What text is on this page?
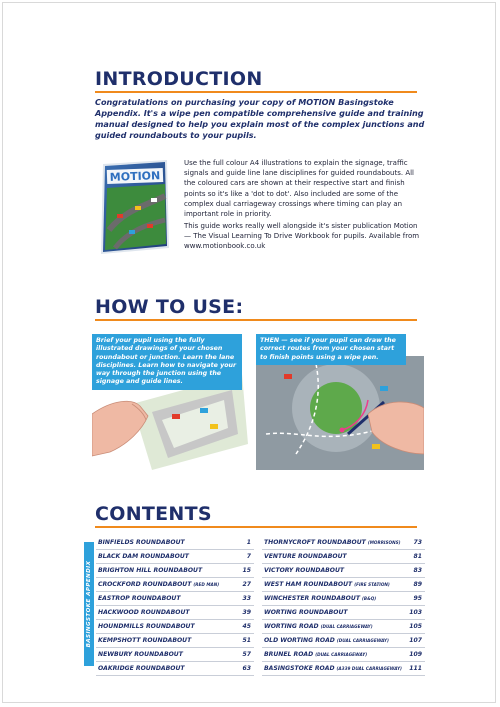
INTRODUCTION
Congratulations on purchasing your copy of MOTION Basingstoke Appendix. It's a wipe pen compatible comprehensive guide and training manual designed to help you explain most of the complex junctions and guided roundabouts to your pupils.
MOTION
Use the full colour A4 illustrations to explain the signage, traffic signals and guide line lane disciplines for guided roundabouts. All the coloured cars are shown at their respective start and finish points so it's like a 'dot to dot'. Also included are some of the complex dual carriageway crossings where timing can play an important role in priority.
This guide works really well alongside it's sister publication Motion — The Visual Learning To Drive Workbook for pupils. Available from www.motionbook.co.uk
HOW TO USE:
Brief your pupil using the fully illustrated drawings of your chosen roundabout or junction. Learn the lane disciplines. Learn how to navigate your way through the junction using the signage and guide lines.
THEN — see if your pupil can draw the correct routes from your chosen start to finish points using a wipe pen.
CONTENTS
BASINGSTOKE APPENDIX
BINFIELDS ROUNDABOUT	1
BLACK DAM ROUNDABOUT	7
BRIGHTON HILL ROUNDABOUT	15
CROCKFORD ROUNDABOUT (RED MAN)	27
EASTROP ROUNDABOUT	33
HACKWOOD ROUNDABOUT	39
HOUNDMILLS ROUNDABOUT	45
KEMPSHOTT ROUNDABOUT	51
NEWBURY ROUNDABOUT	57
OAKRIDGE ROUNDABOUT	63
THORNYCROFT ROUNDABOUT (MORRISONS) 73
VENTURE ROUNDABOUT	81
VICTORY ROUNDABOUT	83
WEST HAM ROUNDABOUT (FIRE STATION)	89
WINCHESTER ROUNDABOUT (B&Q)	95
WORTING ROUNDABOUT	103
WORTING ROAD (DUAL CARRIAGEWAY)	105
OLD WORTING ROAD (DUAL CARRIAGEWAY)	107
BRUNEL ROAD (DUAL CARRIAGEWAY)	109
BASINGSTOKE ROAD (A339 DUAL CARRIAGEWAY) 111
